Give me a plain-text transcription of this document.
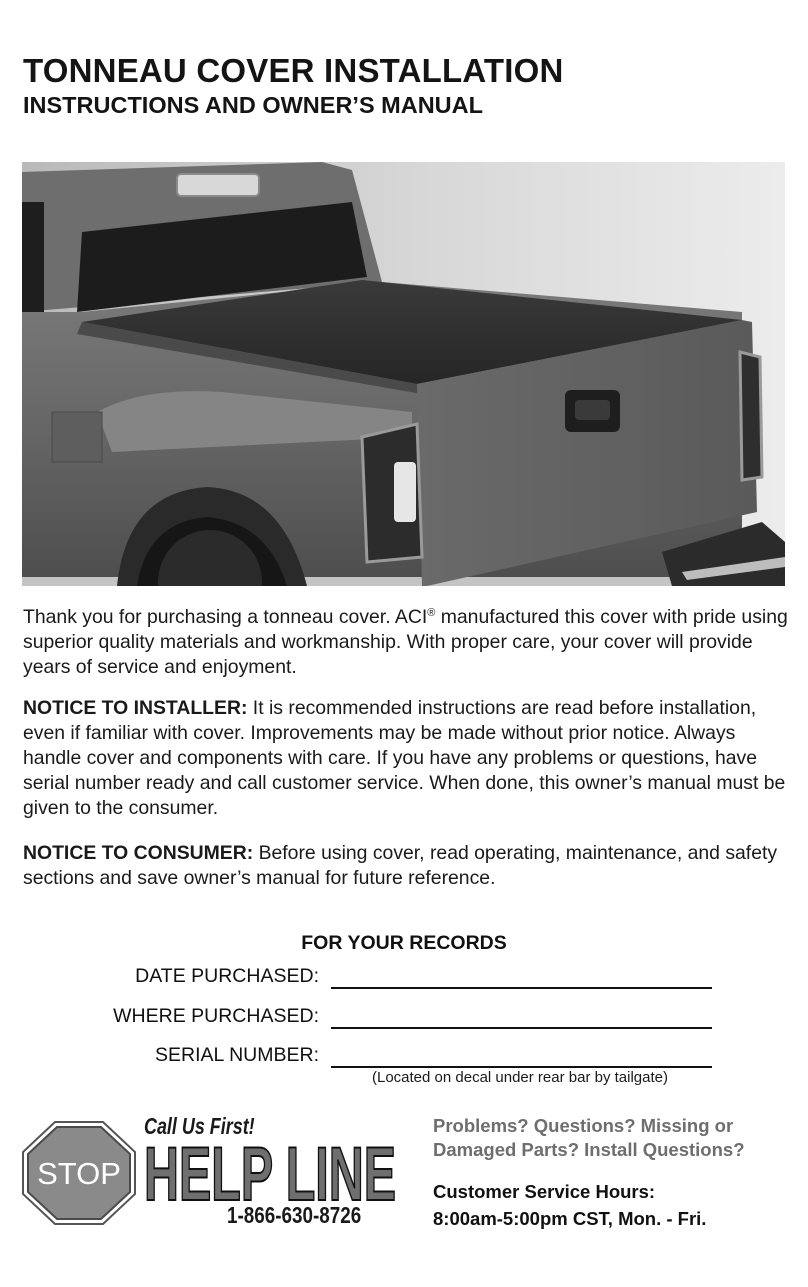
TONNEAU COVER INSTALLATION
INSTRUCTIONS AND OWNER’S MANUAL
Thank you for purchasing a tonneau cover. ACI® manufactured this cover with pride using superior quality materials and workmanship. With proper care, your cover will provide years of service and enjoyment.
NOTICE TO INSTALLER: It is recommended instructions are read before installation, even if familiar with cover. Improvements may be made without prior notice. Always handle cover and components with care. If you have any problems or questions, have serial number ready and call customer service. When done, this owner’s manual must be given to the consumer.
NOTICE TO CONSUMER: Before using cover, read operating, maintenance, and safety sections and save owner’s manual for future reference.
FOR YOUR RECORDS
DATE PURCHASED:
WHERE PURCHASED:
SERIAL NUMBER:
(Located on decal under rear bar by tailgate)
STOP
Call Us First!
HELP LINE
1-866-630-8726
Problems? Questions? Missing or Damaged Parts? Install Questions?
Customer Service Hours:
8:00am-5:00pm CST, Mon. - Fri.
